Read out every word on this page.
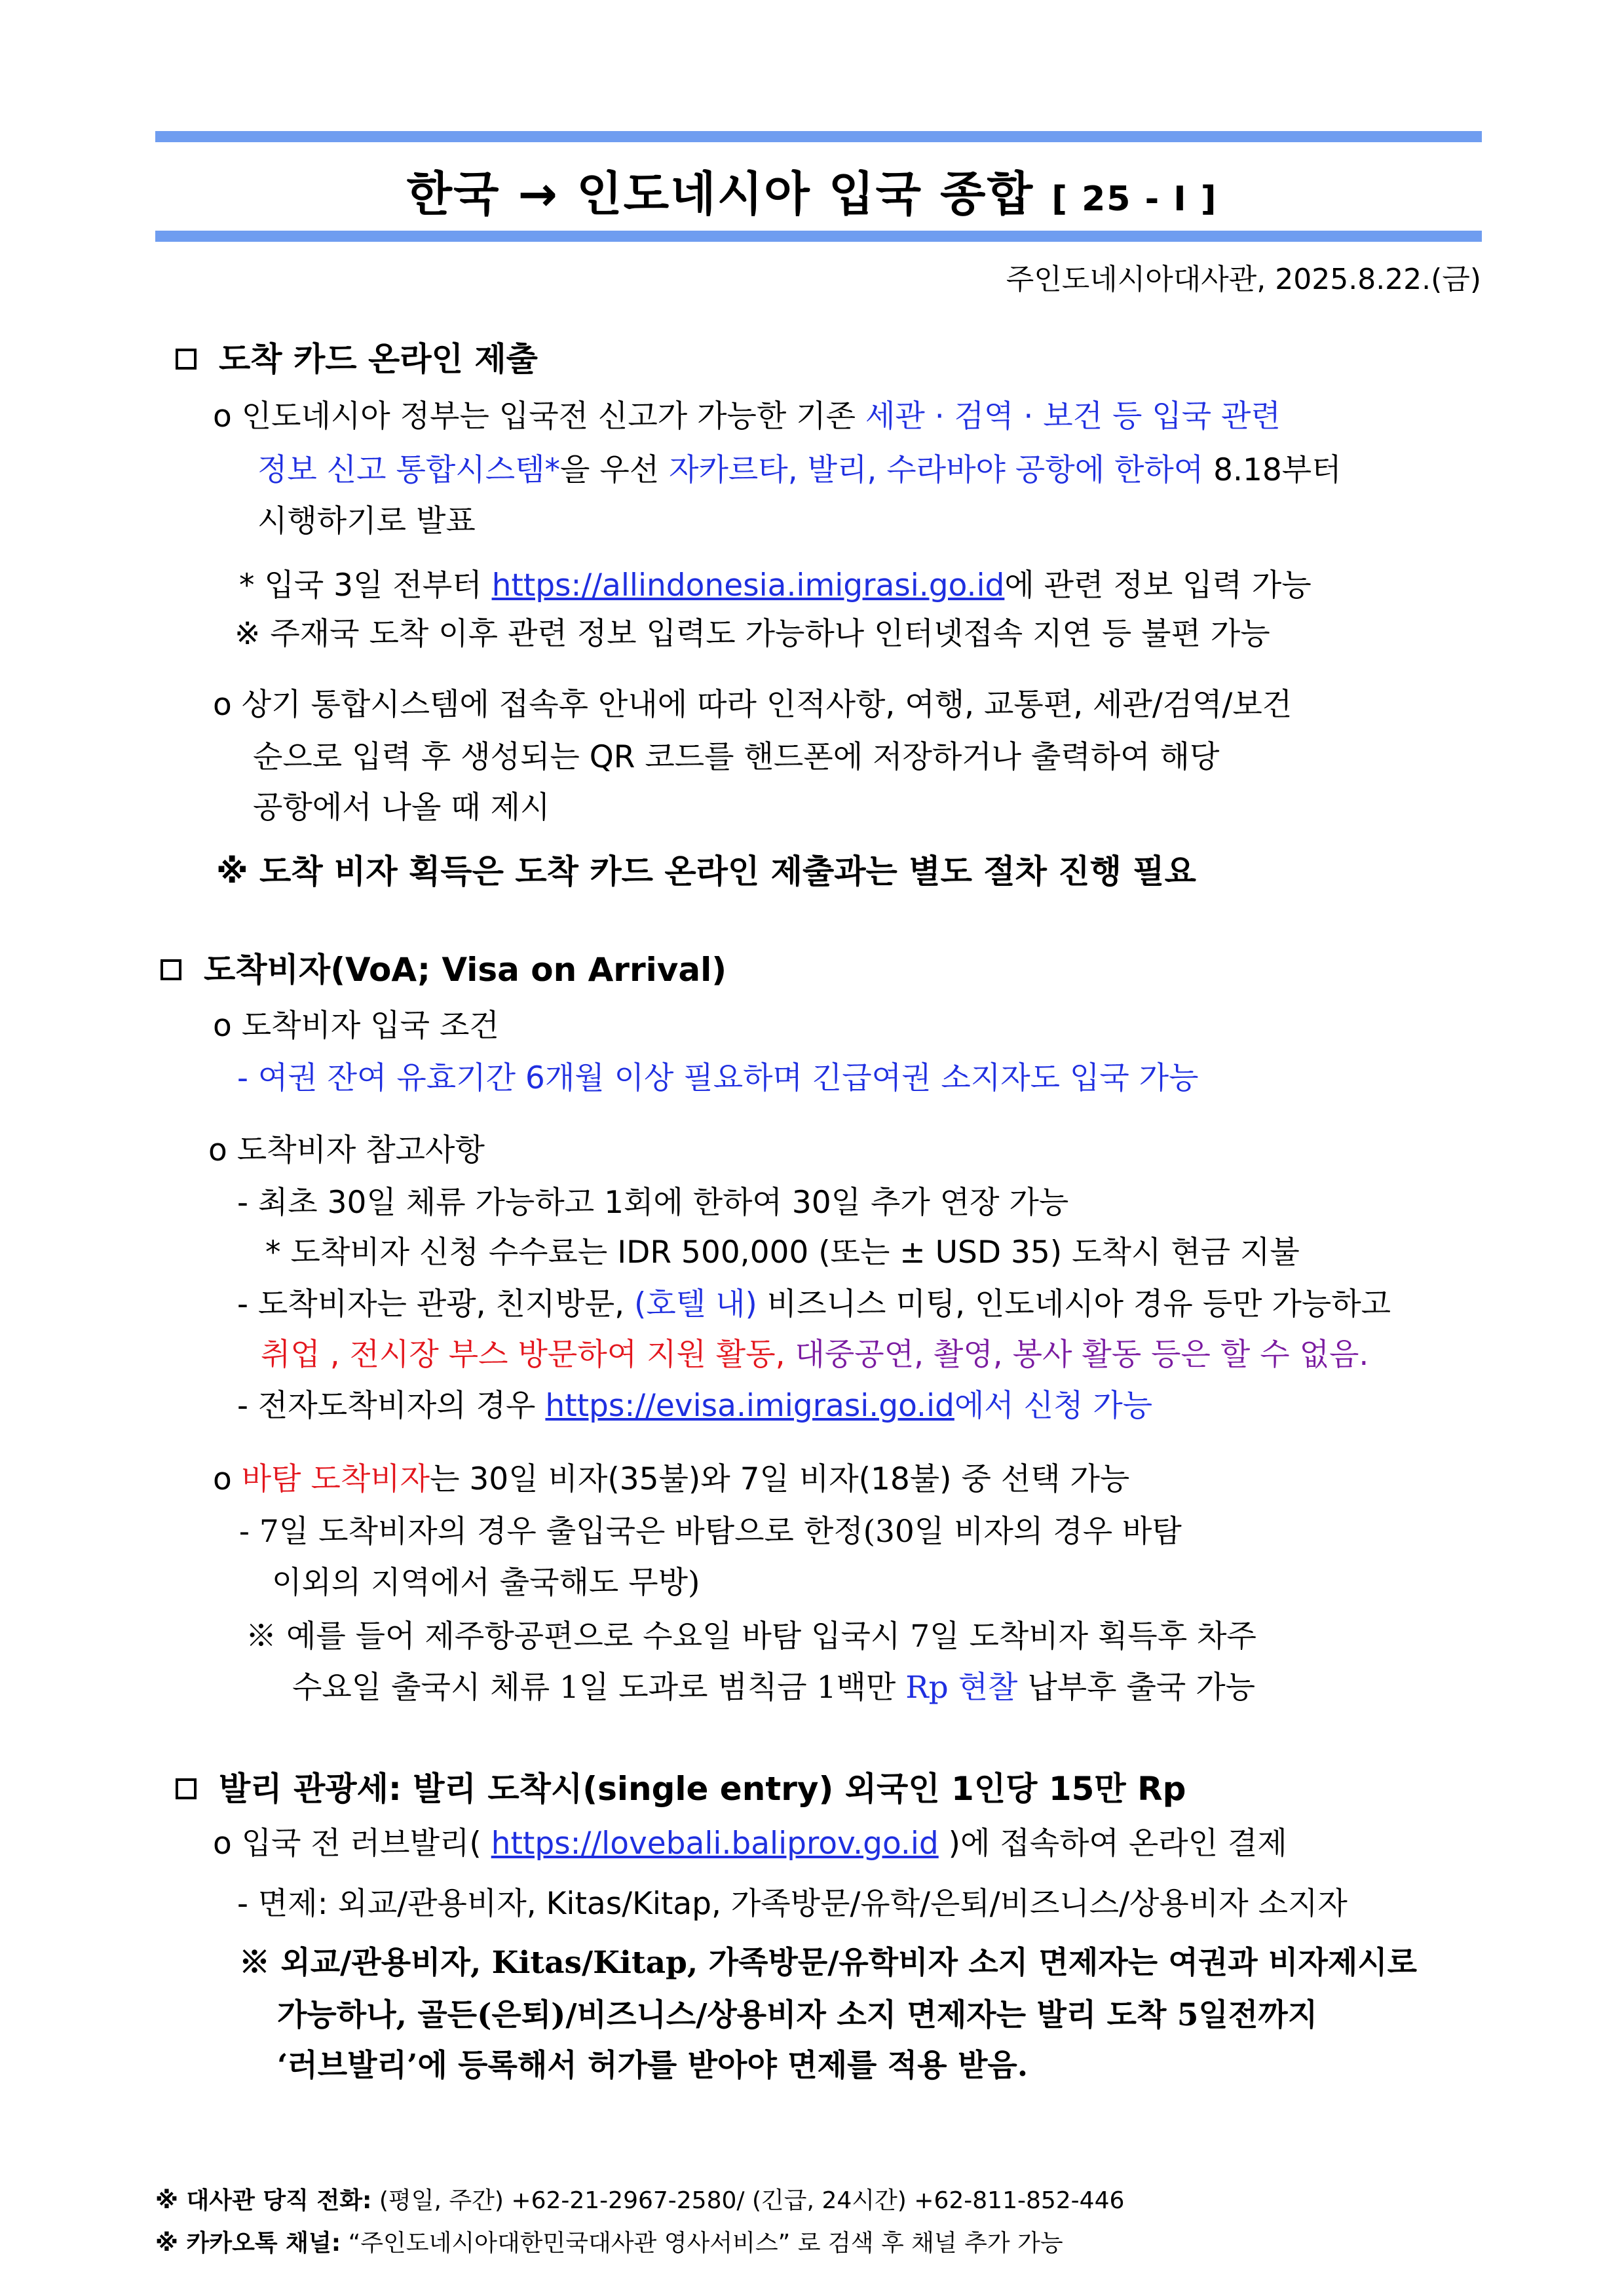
한국 → 인도네시아 입국 종합 [ 25 - I ]
주인도네시아대사관, 2025.8.22.(금)
도착 카드 온라인 제출
o 인도네시아 정부는 입국전 신고가 가능한 기존 세관 · 검역 · 보건 등 입국 관련
정보 신고 통합시스템*을 우선 자카르타, 발리, 수라바야 공항에 한하여 8.18부터
시행하기로 발표
* 입국 3일 전부터 https://allindonesia.imigrasi.go.id에 관련 정보 입력 가능
※ 주재국 도착 이후 관련 정보 입력도 가능하나 인터넷접속 지연 등 불편 가능
o 상기 통합시스템에 접속후 안내에 따라 인적사항, 여행, 교통편, 세관/검역/보건
순으로 입력 후 생성되는 QR 코드를 핸드폰에 저장하거나 출력하여 해당
공항에서 나올 때 제시
※ 도착 비자 획득은 도착 카드 온라인 제출과는 별도 절차 진행 필요
도착비자(VoA; Visa on Arrival)
o 도착비자 입국 조건
- 여권 잔여 유효기간 6개월 이상 필요하며 긴급여권 소지자도 입국 가능
o 도착비자 참고사항
- 최초 30일 체류 가능하고 1회에 한하여 30일 추가 연장 가능
* 도착비자 신청 수수료는 IDR 500,000 (또는 ± USD 35) 도착시 현금 지불
- 도착비자는 관광, 친지방문, (호텔 내) 비즈니스 미팅, 인도네시아 경유 등만 가능하고
취업 , 전시장 부스 방문하여 지원 활동, 대중공연, 촬영, 봉사 활동 등은 할 수 없음.
- 전자도착비자의 경우 https://evisa.imigrasi.go.id에서 신청 가능
o 바탐 도착비자는 30일 비자(35불)와 7일 비자(18불) 중 선택 가능
- 7일 도착비자의 경우 출입국은 바탐으로 한정(30일 비자의 경우 바탐
이외의 지역에서 출국해도 무방)
※ 예를 들어 제주항공편으로 수요일 바탐 입국시 7일 도착비자 획득후 차주
수요일 출국시 체류 1일 도과로 범칙금 1백만 Rp 현찰 납부후 출국 가능
발리 관광세: 발리 도착시(single entry) 외국인 1인당 15만 Rp
o 입국 전 러브발리( https://lovebali.baliprov.go.id )에 접속하여 온라인 결제
- 면제: 외교/관용비자, Kitas/Kitap, 가족방문/유학/은퇴/비즈니스/상용비자 소지자
※ 외교/관용비자, Kitas/Kitap, 가족방문/유학비자 소지 면제자는 여권과 비자제시로
가능하나, 골든(은퇴)/비즈니스/상용비자 소지 면제자는 발리 도착 5일전까지
‘러브발리’에 등록해서 허가를 받아야 면제를 적용 받음.
※ 대사관 당직 전화: (평일, 주간) +62-21-2967-2580/ (긴급, 24시간) +62-811-852-446
※ 카카오톡 채널: “주인도네시아대한민국대사관 영사서비스” 로 검색 후 채널 추가 가능
